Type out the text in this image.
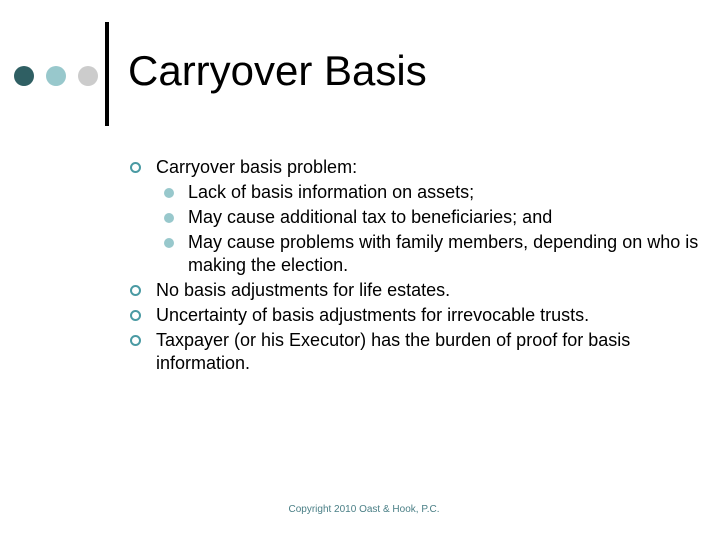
Carryover Basis
Carryover basis problem:
Lack of basis information on assets;
May cause additional tax to beneficiaries; and
May cause problems with family members, depending on who is making the election.
No basis adjustments for life estates.
Uncertainty of basis adjustments for irrevocable trusts.
Taxpayer (or his Executor) has the burden of proof for basis information.
Copyright 2010 Oast & Hook, P.C.
